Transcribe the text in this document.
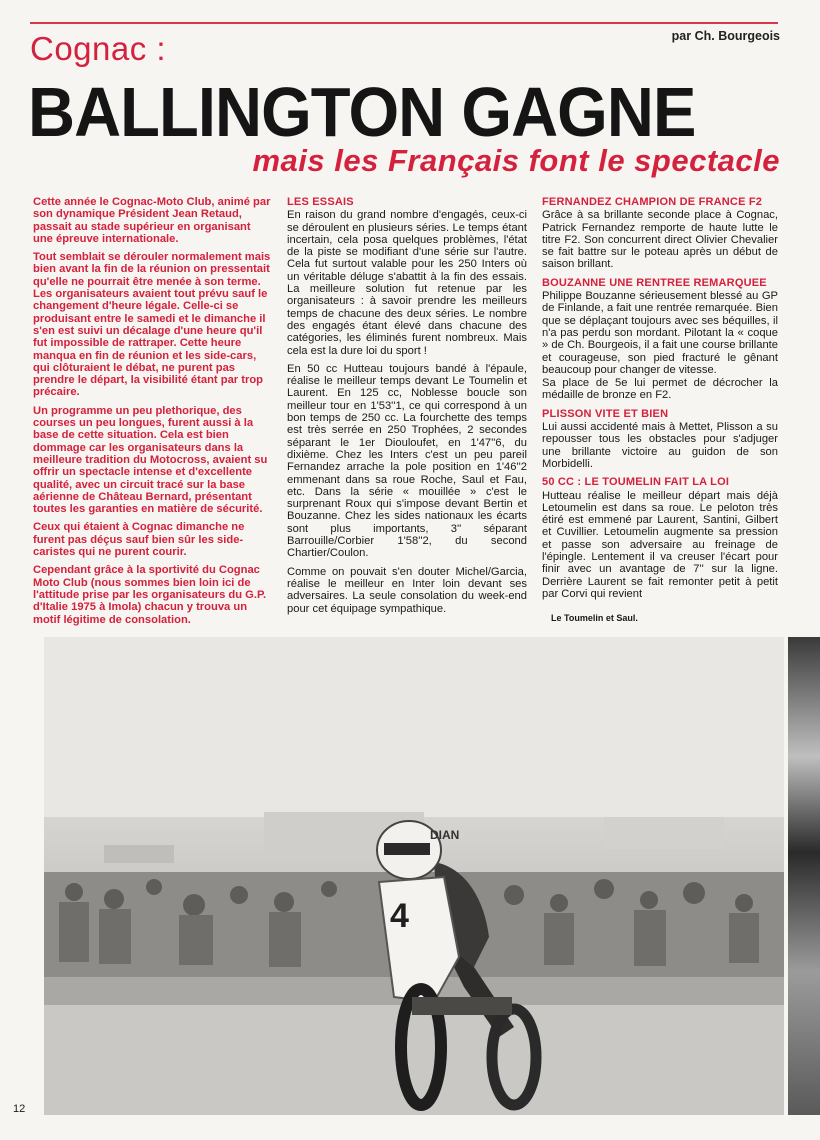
par Ch. Bourgeois
Cognac :
BALLINGTON GAGNE
mais les Français font le spectacle

Cette année le Cognac-Moto Club, animé par son dynamique Président Jean Retaud, passait au stade supérieur en organisant une épreuve internationale.

Tout semblait se dérouler normalement mais bien avant la fin de la réunion on pressentait qu'elle ne pourrait être menée à son terme. Les organisateurs avaient tout prévu sauf le changement d'heure légale. Celle-ci se produisant entre le samedi et le dimanche il s'en est suivi un décalage d'une heure qu'il fut impossible de rattraper. Cette heure manqua en fin de réunion et les side-cars, qui clôturaient le débat, ne purent pas prendre le départ, la visibilité étant par trop précaire.

Un programme un peu plethorique, des courses un peu longues, furent aussi à la base de cette situation. Cela est bien dommage car les organisateurs dans la meilleure tradition du Motocross, avaient su offrir un spectacle intense et d'excellente qualité, avec un circuit tracé sur la base aérienne de Château Bernard, présentant toutes les garanties en matière de sécurité.

Ceux qui étaient à Cognac dimanche ne furent pas déçus sauf bien sûr les side-caristes qui ne purent courir.

Cependant grâce à la sportivité du Cognac Moto Club (nous sommes bien loin ici de l'attitude prise par les organisateurs du G.P. d'Italie 1975 à Imola) chacun y trouva un motif légitime de consolation.

LES ESSAIS

En raison du grand nombre d'engagés, ceux-ci se déroulent en plusieurs séries. Le temps étant incertain, cela posa quelques problèmes, l'état de la piste se modifiant d'une série sur l'autre. Cela fut surtout valable pour les 250 Inters où un véritable déluge s'abattit à la fin des essais. La meilleure solution fut retenue par les organisateurs : à savoir prendre les meilleurs temps de chacune des deux séries. Le nombre des engagés étant élevé dans chacune des catégories, les éliminés furent nombreux. Mais cela est la dure loi du sport !

En 50 cc Hutteau toujours bandé à l'épaule, réalise le meilleur temps devant Le Toumelin et Laurent. En 125 cc, Noblesse boucle son meilleur tour en 1'53''1, ce qui correspond à un bon temps de 250 cc. La fourchette des temps est très serrée en 250 Trophées, 2 secondes séparant le 1er Diouloufet, en 1'47''6, du dixième. Chez les Inters c'est un peu pareil Fernandez arrache la pole position en 1'46''2 emmenant dans sa roue Roche, Saul et Fau, etc. Dans la série « mouillée » c'est le surprenant Roux qui s'impose devant Bertin et Bouzanne. Chez les sides nationaux les écarts sont plus importants, 3'' séparant Barrouille/Corbier 1'58''2, du second Chartier/Coulon.

Comme on pouvait s'en douter Michel/Garcia, réalise le meilleur en Inter loin devant ses adversaires. La seule consolation du week-end pour cet équipage sympathique.

FERNANDEZ CHAMPION DE FRANCE F2

Grâce à sa brillante seconde place à Cognac, Patrick Fernandez remporte de haute lutte le titre F2. Son concurrent direct Olivier Chevalier se fait battre sur le poteau après un début de saison brillant.

BOUZANNE UNE RENTREE REMARQUEE

Philippe Bouzanne sérieusement blessé au GP de Finlande, a fait une rentrée remarquée. Bien que se déplaçant toujours avec ses béquilles, il n'a pas perdu son mordant. Pilotant la « coque » de Ch. Bourgeois, il a fait une course brillante et courageuse, son pied fracturé le gênant beaucoup pour changer de vitesse.

Sa place de 5e lui permet de décrocher la médaille de bronze en F2.

PLISSON VITE ET BIEN

Lui aussi accidenté mais à Mettet, Plisson a su repousser tous les obstacles pour s'adjuger une brillante victoire au guidon de son Morbidelli.

50 CC : LE TOUMELIN FAIT LA LOI

Hutteau réalise le meilleur départ mais déjà Letoumelin est dans sa roue. Le peloton très étiré est emmené par Laurent, Santini, Gilbert et Cuvillier. Letoumelin augmente sa pression et passe son adversaire au freinage de l'épingle. Lentement il va creuser l'écart pour finir avec un avantage de 7'' sur la ligne. Derrière Laurent se fait remonter petit à petit par Corvi qui revient

Le Toumelin et Saul.
DIAN
4
12
